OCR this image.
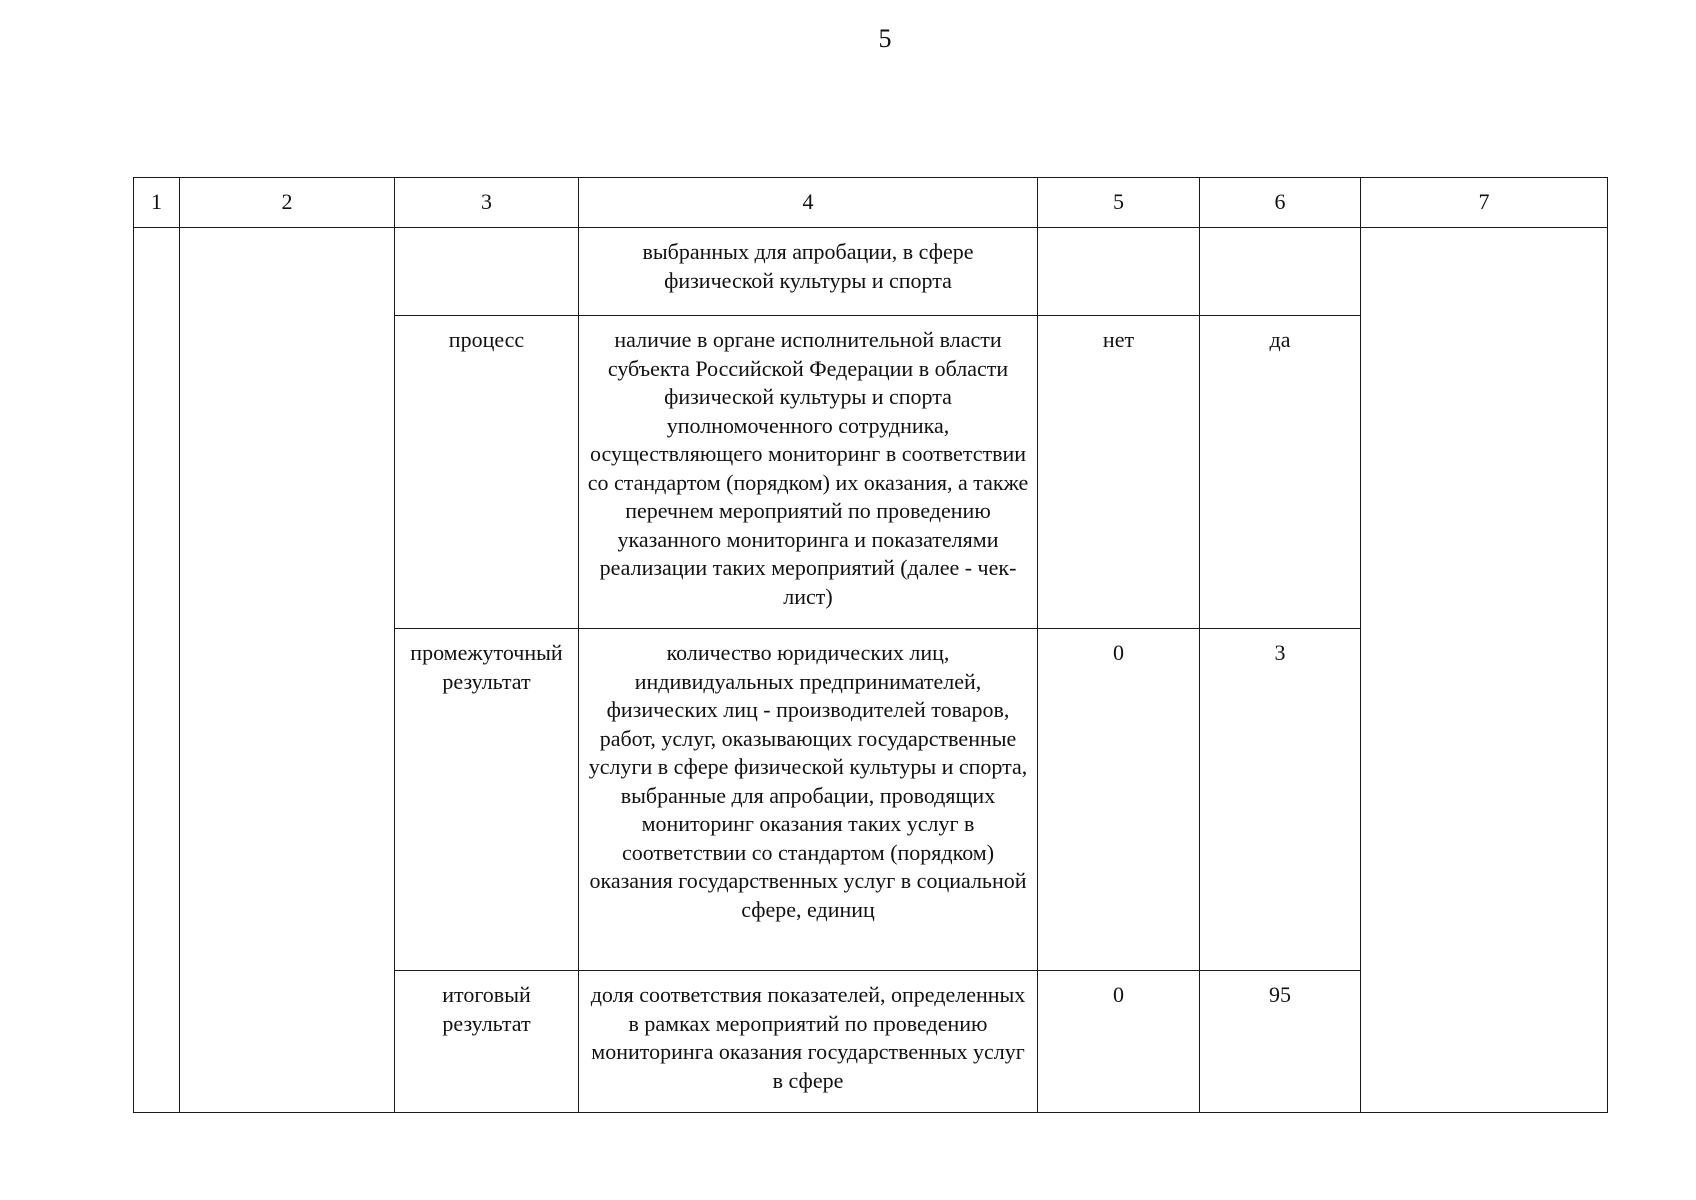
5
1	2	3	4	5	6	7
			выбранных для апробации, в сфере физической культуры и спорта			
		процесс	наличие в органе исполнительной власти субъекта Российской Федерации в области физической культуры и спорта уполномоченного сотрудника, осуществляющего мониторинг в соответствии со стандартом (порядком) их оказания, а также перечнем мероприятий по проведению указанного мониторинга и показателями реализации таких мероприятий (далее - чек-лист)	нет	да	
		промежуточный результат	количество юридических лиц, индивидуальных предпринимателей, физических лиц - производителей товаров, работ, услуг, оказывающих государственные услуги в сфере физической культуры и спорта, выбранные для апробации, проводящих мониторинг оказания таких услуг в соответствии со стандартом (порядком) оказания государственных услуг в социальной сфере, единиц	0	3	
		итоговый результат	доля соответствия показателей, определенных в рамках мероприятий по проведению мониторинга оказания государственных услуг в сфере	0	95	
